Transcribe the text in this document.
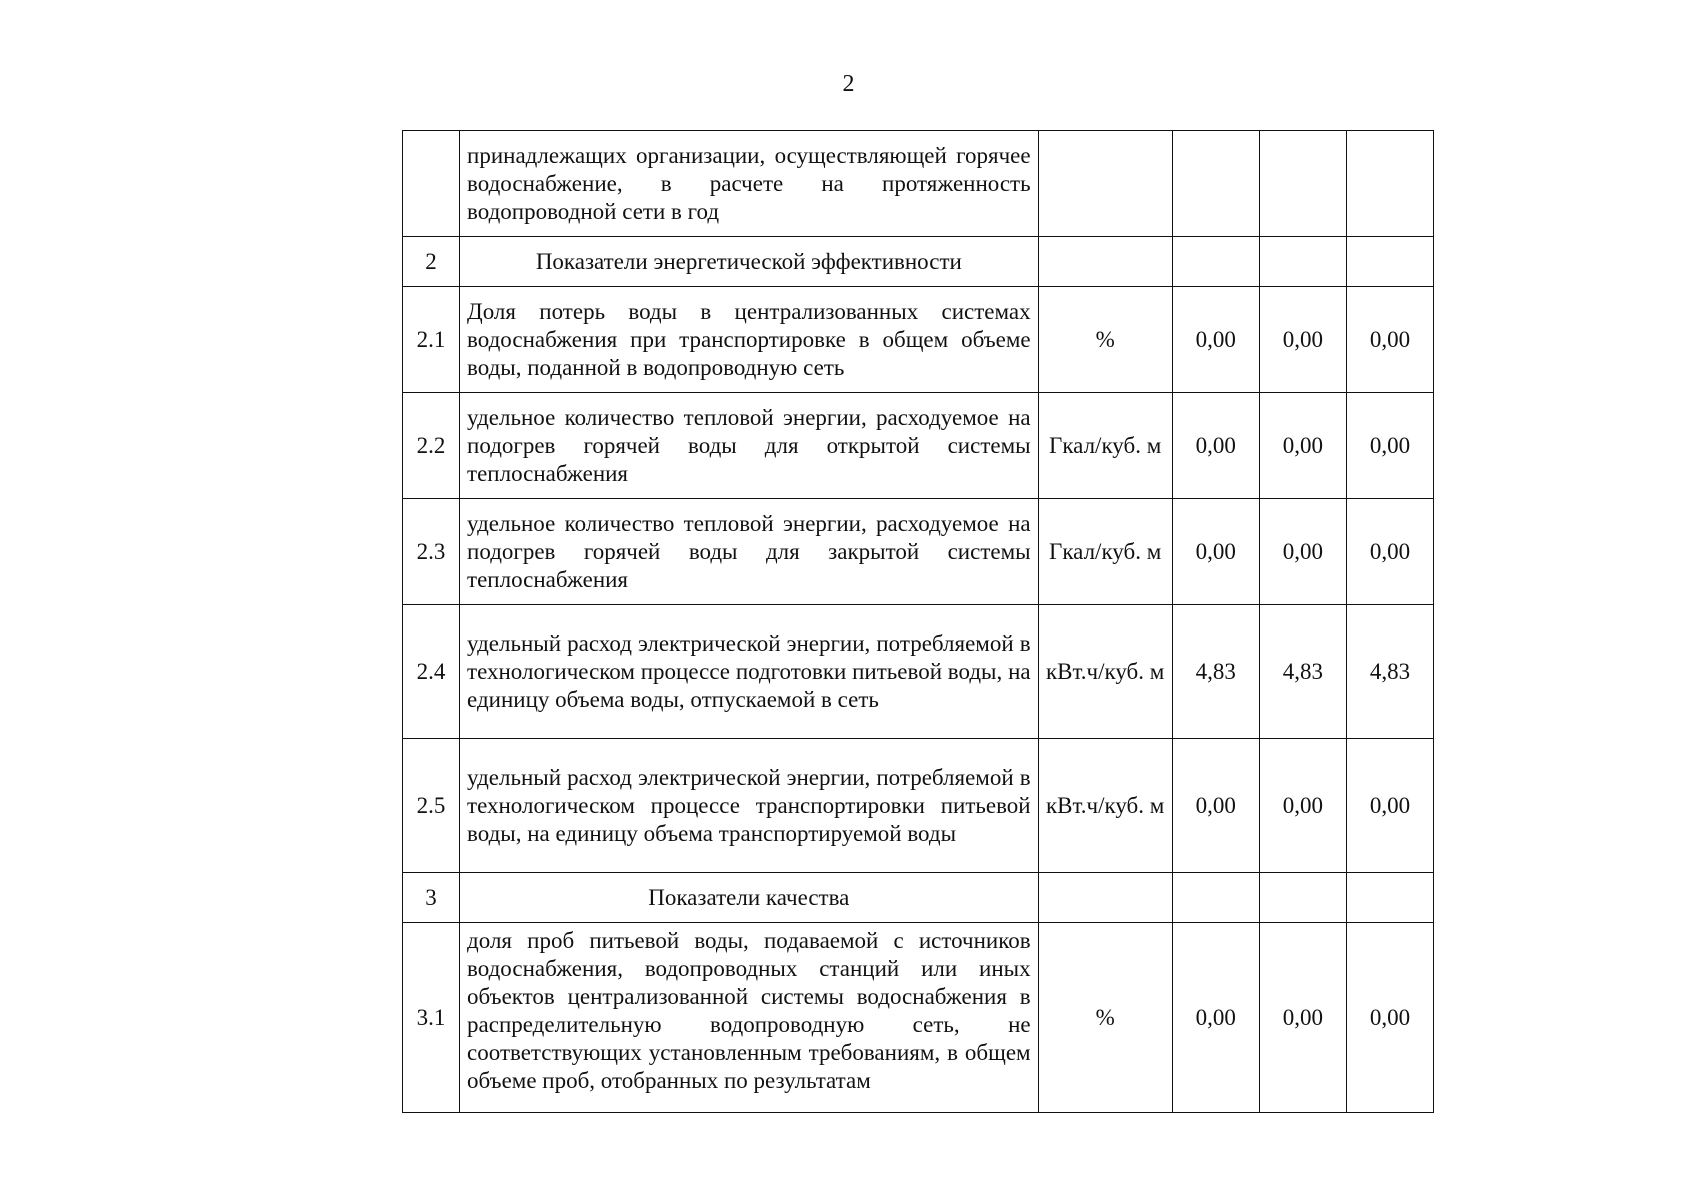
2
	принадлежащих организации, осуществляющей горячее водоснабжение, в расчете на протяженность водопроводной сети в год				
2	Показатели энергетической эффективности				
2.1	Доля потерь воды в централизованных системах водоснабжения при транспортировке в общем объеме воды, поданной в водопроводную сеть	%	0,00	0,00	0,00
2.2	удельное количество тепловой энергии, расходуемое на подогрев горячей воды для открытой системы теплоснабжения	Гкал/куб. м	0,00	0,00	0,00
2.3	удельное количество тепловой энергии, расходуемое на подогрев горячей воды для закрытой системы теплоснабжения	Гкал/куб. м	0,00	0,00	0,00
2.4	удельный расход электрической энергии, потребляемой в технологическом процессе подготовки питьевой воды, на единицу объема воды, отпускаемой в сеть	кВт.ч/куб. м	4,83	4,83	4,83
2.5	удельный расход электрической энергии, потребляемой в технологическом процессе транспортировки питьевой воды, на единицу объема транспортируемой воды	кВт.ч/куб. м	0,00	0,00	0,00
3	Показатели качества				
3.1	доля проб питьевой воды, подаваемой с источников водоснабжения, водопроводных станций или иных объектов централизованной системы водоснабжения в распределительную водопроводную сеть, не соответствующих установленным требованиям, в общем объеме проб, отобранных по результатам	%	0,00	0,00	0,00
